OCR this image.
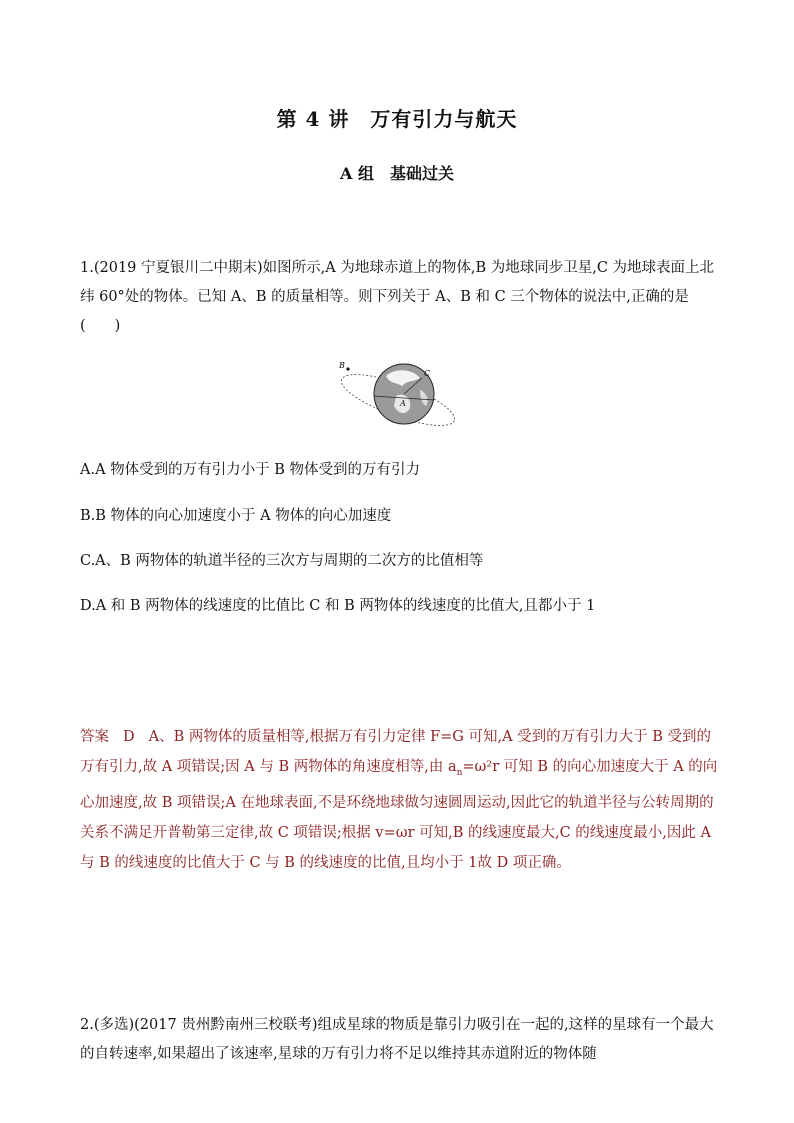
第 4 讲　万有引力与航天
A 组　基础过关
1.(2019 宁夏银川二中期末)如图所示,A 为地球赤道上的物体,B 为地球同步卫星,C 为地球表面上北纬 60°处的物体。已知 A、B 的质量相等。则下列关于 A、B 和 C 三个物体的说法中,正确的是(　　)
B
A
C
A.A 物体受到的万有引力小于 B 物体受到的万有引力
B.B 物体的向心加速度小于 A 物体的向心加速度
C.A、B 两物体的轨道半径的三次方与周期的二次方的比值相等
D.A 和 B 两物体的线速度的比值比 C 和 B 两物体的线速度的比值大,且都小于 1
答案 D A、B 两物体的质量相等,根据万有引力定律 F=G 可知,A 受到的万有引力大于 B 受到的万有引力,故 A 项错误;因 A 与 B 两物体的角速度相等,由 $a_n=\omega^2r$ 可知 B 的向心加速度大于 A 的向心加速度,故 B 项错误;A 在地球表面,不是环绕地球做匀速圆周运动,因此它的轨道半径与公转周期的关系不满足开普勒第三定律,故 C 项错误;根据 v=ωr 可知,B 的线速度最大,C 的线速度最小,因此 A 与 B 的线速度的比值大于 C 与 B 的线速度的比值,且均小于 1故 D 项正确。
2.(多选)(2017 贵州黔南州三校联考)组成星球的物质是靠引力吸引在一起的,这样的星球有一个最大的自转速率,如果超出了该速率,星球的万有引力将不足以维持其赤道附近的物体随
